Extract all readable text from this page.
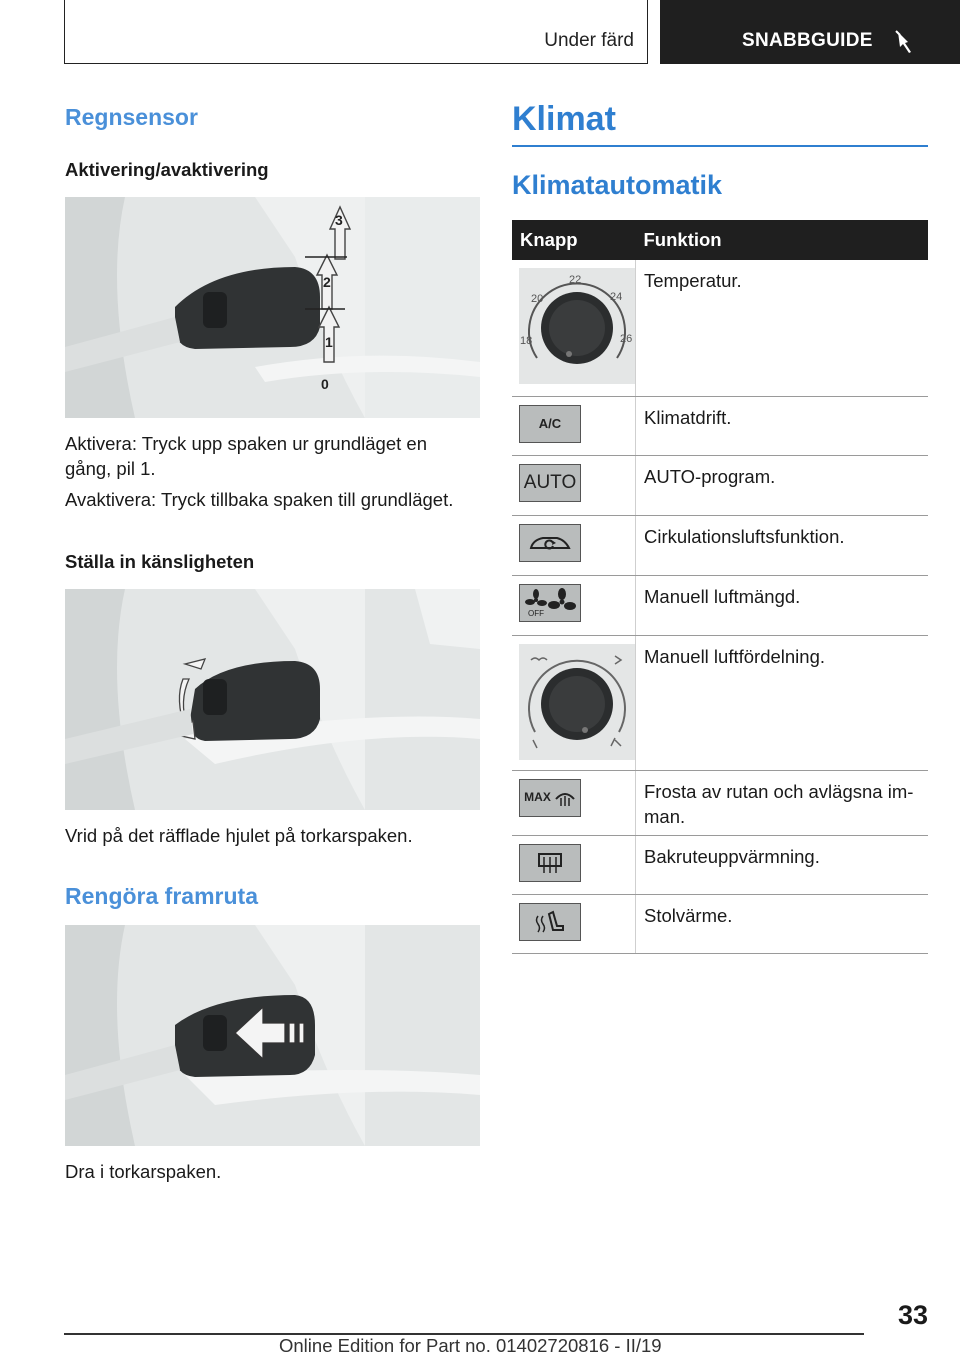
Under färd	SNABBGUIDE
Regnsensor
Aktivering/avaktivering
3
2
1
0

Aktivera: Tryck upp spaken ur grundläget en gång, pil 1.

Avaktivera: Tryck tillbaka spaken till grundläget.

Ställa in känsligheten

Vrid på det räfflade hjulet på torkarspaken.

Rengöra framruta

Dra i torkarspaken.

Klimat
Klimatautomatik
Knapp	Funktion

20
22
24
18 26	Temperatur.

A/C	Klimatdrift.

AUTO	AUTO-program.

	Cirkulationsluftsfunktion.

OFF	Manuell luftmängd.

	Manuell luftfördelning.

MAX	Frosta av rutan och avlägsna im-man.

	Bakruteuppvärmning.

	Stolvärme.
33
Online Edition for Part no. 01402720816 - II/19
